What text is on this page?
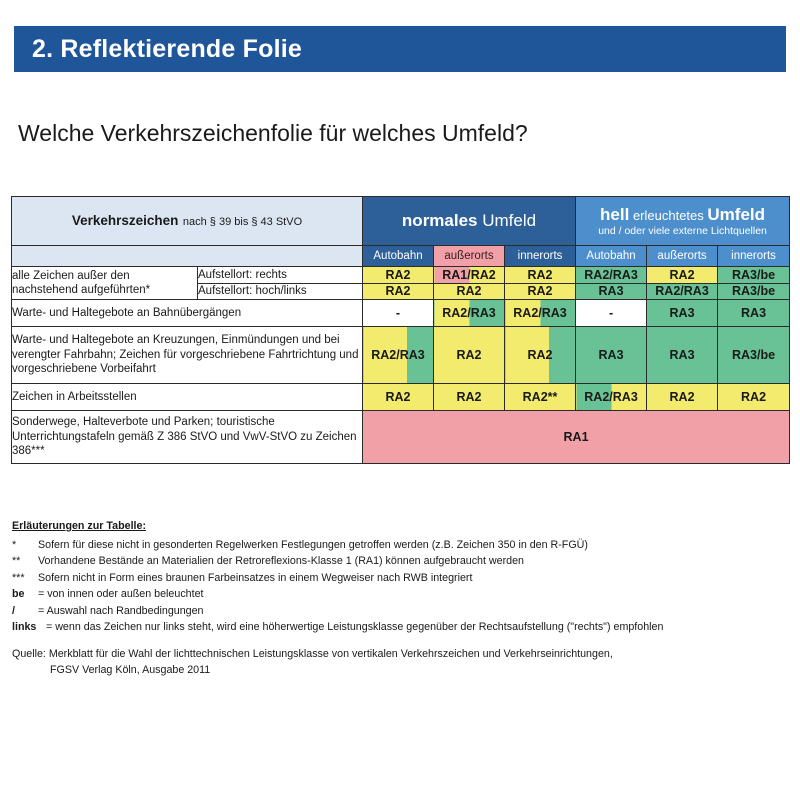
2. Reflektierende Folie
Welche Verkehrszeichenfolie für welches Umfeld?
Verkehrszeichen nach § 39 bis § 43 StVO		normales Umfeld			hell erleuchtetes Umfeld
und / oder viele externe Lichtquellen		

		Autobahn	außerorts	innerorts	Autobahn	außerorts	innerorts
alle Zeichen außer den nachstehend aufgeführten*	Aufstellort: rechts	RA2	RA1/RA2	RA2	RA2/RA3	RA2	RA3/be
	Aufstellort: hoch/links	RA2	RA2	RA2	RA3	RA2/RA3	RA3/be
Warte- und Haltegebote an Bahnübergängen		-	RA2/RA3	RA2/RA3	-	RA3	RA3
Warte- und Haltegebote an Kreuzungen, Einmündungen und bei verengter Fahrbahn; Zeichen für vorgeschriebene Fahrtrichtung und vorgeschriebene Vorbeifahrt		RA2/RA3	RA2	RA2	RA3	RA3	RA3/be
Zeichen in Arbeitsstellen		RA2	RA2	RA2**	RA2/RA3	RA2	RA2
Sonderwege, Halteverbote und Parken; touristische Unterrichtungstafeln gemäß Z 386 StVO und VwV-StVO zu Zeichen 386***		RA1					
Erläuterungen zur Tabelle:
*	Sofern für diese nicht in gesonderten Regelwerken Festlegungen getroffen werden (z.B. Zeichen 350 in den R-FGÜ)
**	Vorhandene Bestände an Materialien der Retroreflexions-Klasse 1 (RA1) können aufgebraucht werden
***	Sofern nicht in Form eines braunen Farbeinsatzes in einem Wegweiser nach RWB integriert
be	= von innen oder außen beleuchtet
/	= Auswahl nach Randbedingungen
links = wenn das Zeichen nur links steht, wird eine höherwertige Leistungsklasse gegenüber der Rechtsaufstellung ("rechts") empfohlen
Quelle: Merkblatt für die Wahl der lichttechnischen Leistungsklasse von vertikalen Verkehrszeichen und Verkehrseinrichtungen,
FGSV Verlag Köln, Ausgabe 2011
